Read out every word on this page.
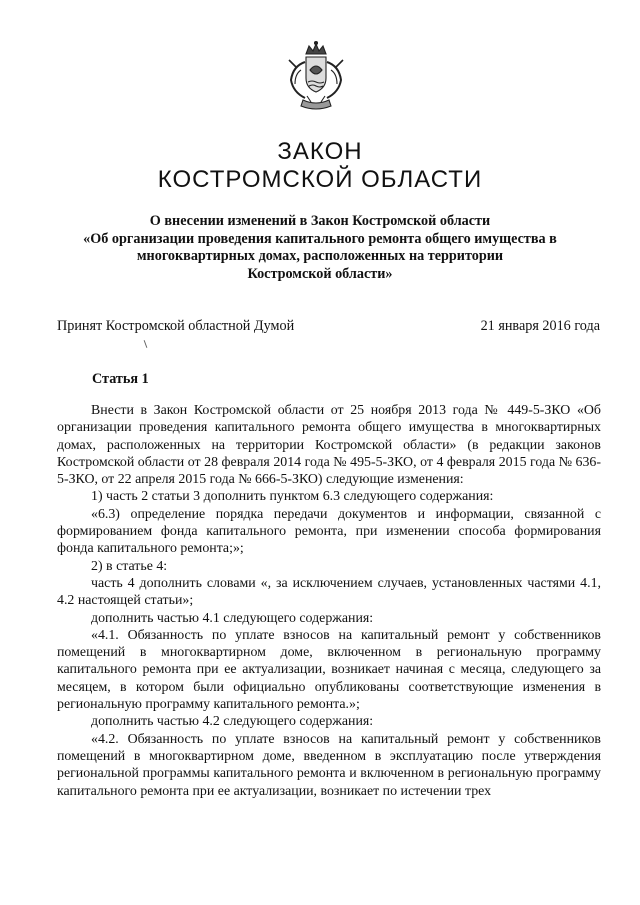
ЗАКОН
КОСТРОМСКОЙ ОБЛАСТИ
О внесении изменений в Закон Костромской области
«Об организации проведения капитального ремонта общего имущества в
многоквартирных домах, расположенных на территории
Костромской области»
Принят Костромской областной Думой	21 января 2016 года
Статья 1
Внести в Закон Костромской области от 25 ноября 2013 года № 449-5-ЗКО «Об организации проведения капитального ремонта общего имущества в многоквартирных домах, расположенных на территории Костромской области» (в редакции законов Костромской области от 28 февраля 2014 года № 495-5-ЗКО, от 4 февраля 2015 года № 636-5-ЗКО, от 22 апреля 2015 года № 666-5-ЗКО) следующие изменения:
1) часть 2 статьи 3 дополнить пунктом 6.3 следующего содержания:
«6.3) определение порядка передачи документов и информации, связанной с формированием фонда капитального ремонта, при изменении способа формирования фонда капитального ремонта;»;
2) в статье 4:
часть 4 дополнить словами «, за исключением случаев, установленных частями 4.1, 4.2 настоящей статьи»;
дополнить частью 4.1 следующего содержания:
«4.1. Обязанность по уплате взносов на капитальный ремонт у собственников помещений в многоквартирном доме, включенном в региональную программу капитального ремонта при ее актуализации, возникает начиная с месяца, следующего за месяцем, в котором были официально опубликованы соответствующие изменения в региональную программу капитального ремонта.»;
дополнить частью 4.2 следующего содержания:
«4.2. Обязанность по уплате взносов на капитальный ремонт у собственников помещений в многоквартирном доме, введенном в эксплуатацию после утверждения региональной программы капитального ремонта и включенном в региональную программу капитального ремонта при ее актуализации, возникает по истечении трех
